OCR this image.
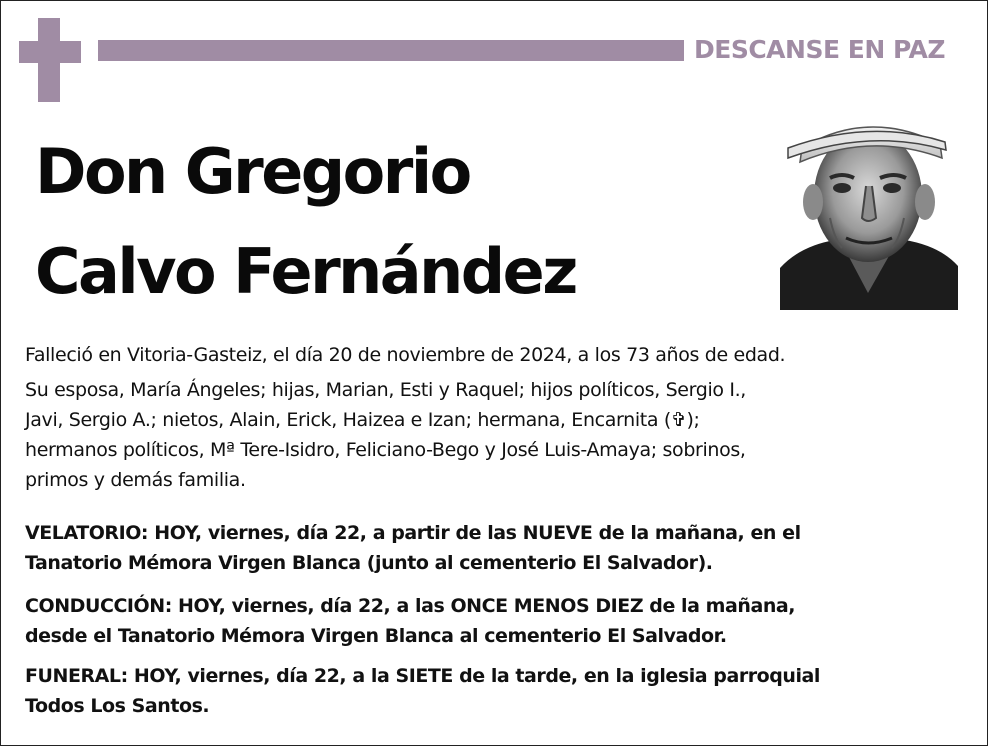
DESCANSE EN PAZ
Don Gregorio
Calvo Fernández
Falleció en Vitoria-Gasteiz, el día 20 de noviembre de 2024, a los 73 años de edad.
Su esposa, María Ángeles; hijas, Marian, Esti y Raquel; hijos políticos, Sergio I.,
Javi, Sergio A.; nietos, Alain, Erick, Haizea e Izan; hermana, Encarnita (✞);
hermanos políticos, Mª Tere-Isidro, Feliciano-Bego y José Luis-Amaya; sobrinos,
primos y demás familia.
VELATORIO: HOY, viernes, día 22, a partir de las NUEVE de la mañana, en el
Tanatorio Mémora Virgen Blanca (junto al cementerio El Salvador).
CONDUCCIÓN: HOY, viernes, día 22, a las ONCE MENOS DIEZ de la mañana,
desde el Tanatorio Mémora Virgen Blanca al cementerio El Salvador.
FUNERAL: HOY, viernes, día 22, a la SIETE de la tarde, en la iglesia parroquial
Todos Los Santos.
